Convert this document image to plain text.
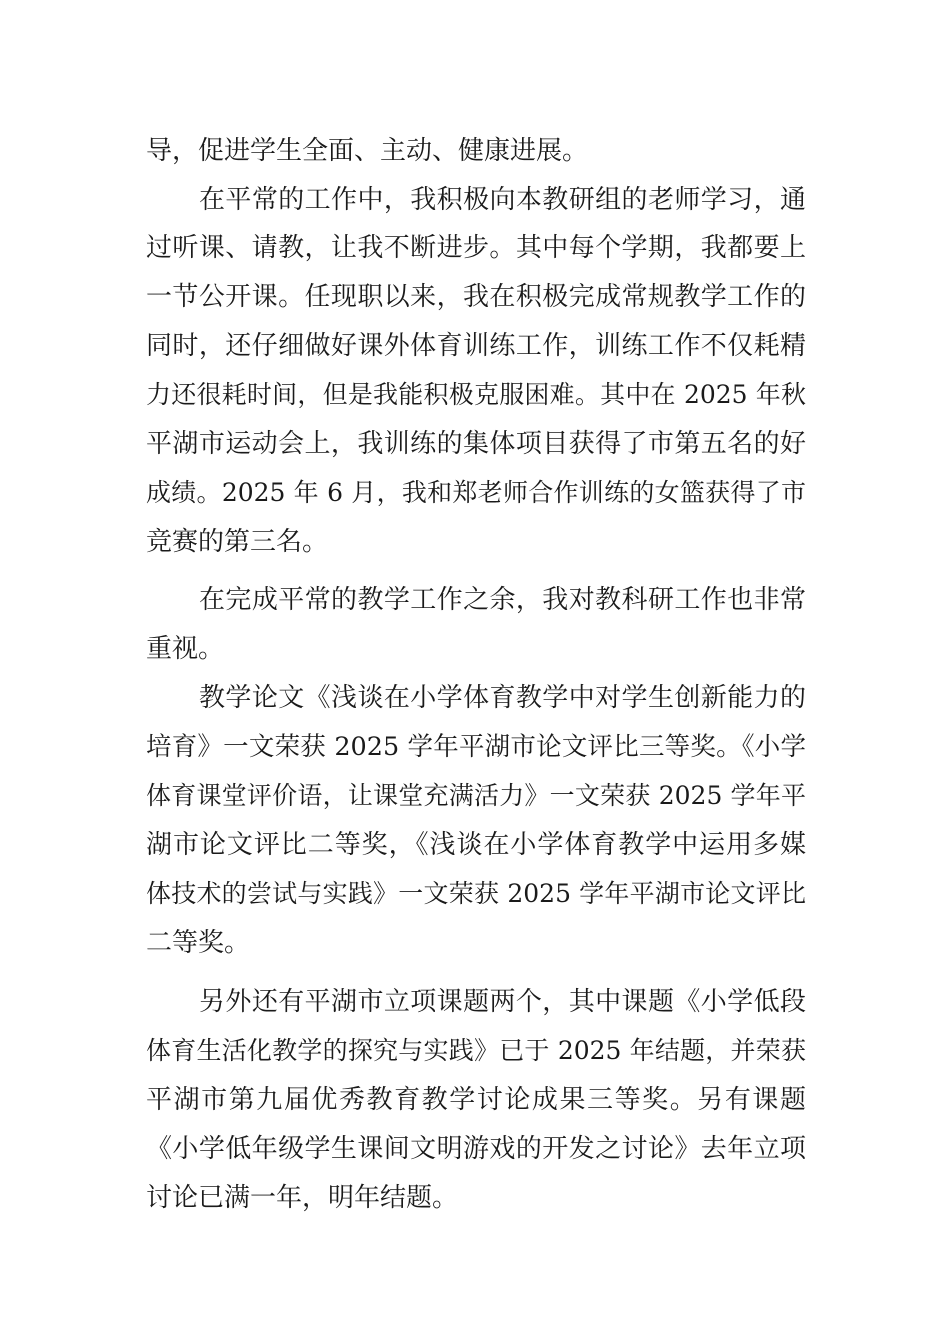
导，促进学生全面、主动、健康进展。
在平常的工作中，我积极向本教研组的老师学习，通
过听课、请教，让我不断进步。其中每个学期，我都要上
一节公开课。任现职以来，我在积极完成常规教学工作的
同时，还仔细做好课外体育训练工作，训练工作不仅耗精
力还很耗时间，但是我能积极克服困难。其中在 2025 年秋
平湖市运动会上，我训练的集体项目获得了市第五名的好
成绩。2025 年 6 月，我和郑老师合作训练的女篮获得了市
竞赛的第三名。
在完成平常的教学工作之余，我对教科研工作也非常
重视。
教学论文《浅谈在小学体育教学中对学生创新能力的
培育》一文荣获 2025 学年平湖市论文评比三等奖。《小学
体育课堂评价语，让课堂充满活力》一文荣获 2025 学年平
湖市论文评比二等奖，《浅谈在小学体育教学中运用多媒
体技术的尝试与实践》一文荣获 2025 学年平湖市论文评比
二等奖。
另外还有平湖市立项课题两个，其中课题《小学低段
体育生活化教学的探究与实践》已于 2025 年结题，并荣获
平湖市第九届优秀教育教学讨论成果三等奖。另有课题
《小学低年级学生课间文明游戏的开发之讨论》去年立项
讨论已满一年，明年结题。
